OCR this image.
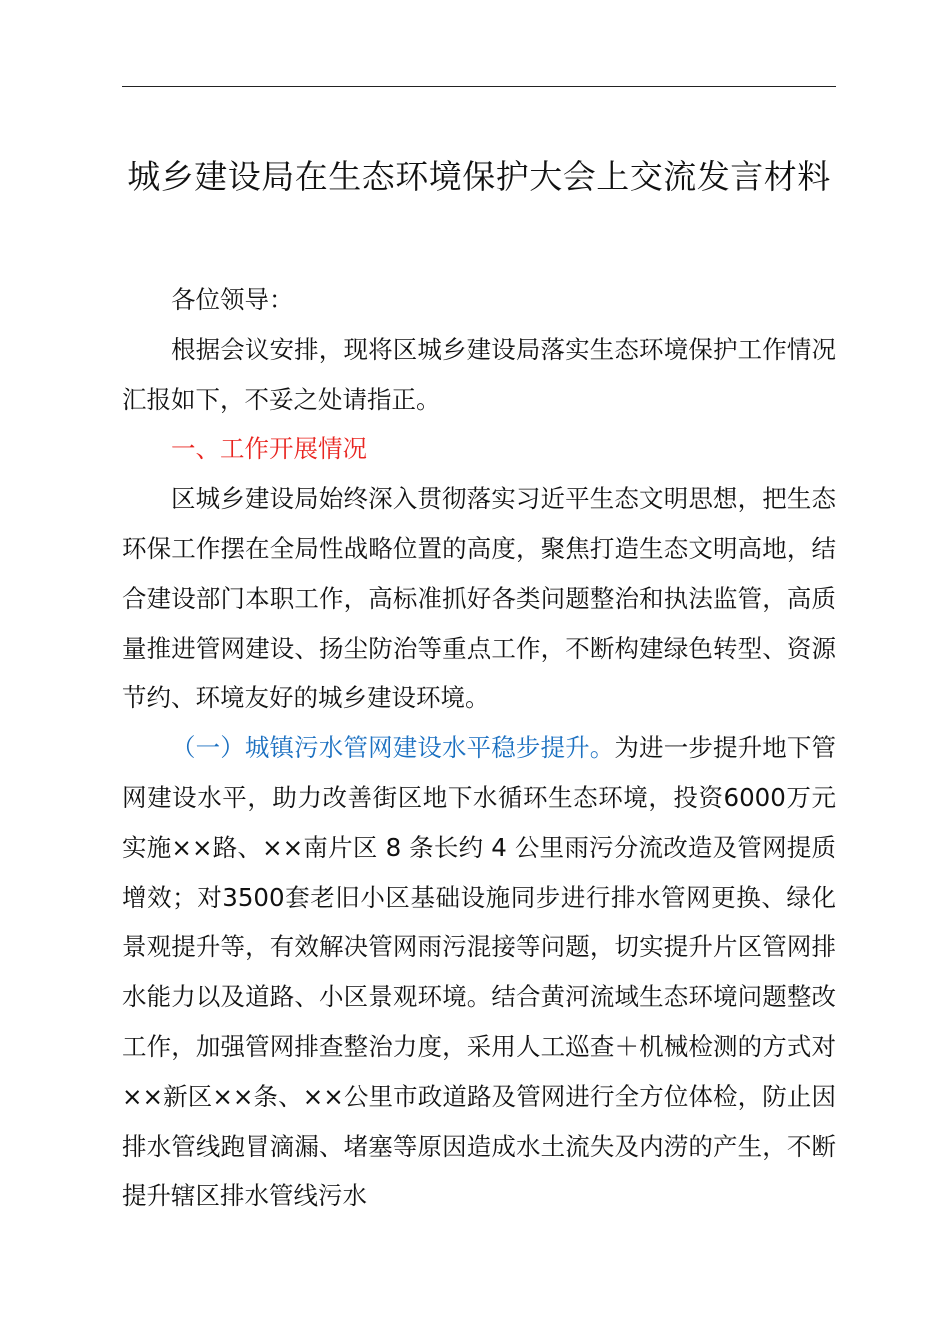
城乡建设局在生态环境保护大会上交流发言材料

各位领导：

根据会议安排，现将区城乡建设局落实生态环境保护工作情况汇报如下，不妥之处请指正。

一、工作开展情况

区城乡建设局始终深入贯彻落实习近平生态文明思想，把生态环保工作摆在全局性战略位置的高度，聚焦打造生态文明高地，结合建设部门本职工作，高标准抓好各类问题整治和执法监管，高质量推进管网建设、扬尘防治等重点工作，不断构建绿色转型、资源节约、环境友好的城乡建设环境。

（一）城镇污水管网建设水平稳步提升。为进一步提升地下管网建设水平，助力改善街区地下水循环生态环境，投资6000万元实施××路、××南片区 8 条长约 4 公里雨污分流改造及管网提质增效；对3500套老旧小区基础设施同步进行排水管网更换、绿化景观提升等，有效解决管网雨污混接等问题，切实提升片区管网排水能力以及道路、小区景观环境。结合黄河流域生态环境问题整改工作，加强管网排查整治力度，采用人工巡查＋机械检测的方式对××新区××条、××公里市政道路及管网进行全方位体检，防止因排水管线跑冒滴漏、堵塞等原因造成水土流失及内涝的产生，不断提升辖区排水管线污水
